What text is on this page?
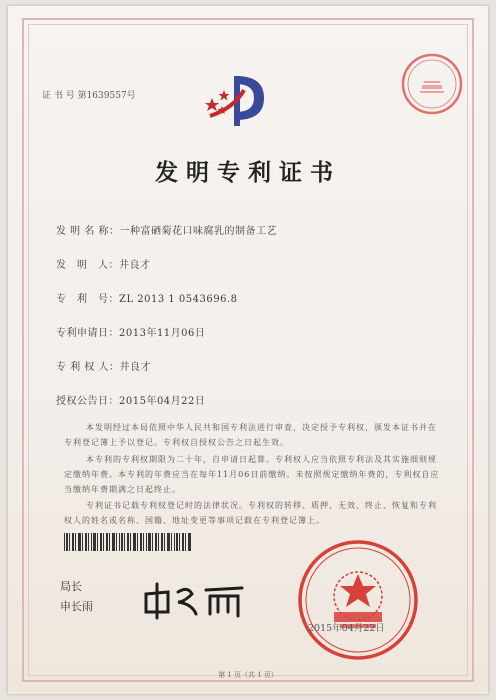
证 书 号 第1639557号
发明专利证书
发 明 名 称：一种富硒菊花口味腐乳的制备工艺
发　明　人：井良才
专　利　号：ZL 2013 1 0543696.8
专利申请日：2013年11月06日
专 利 权 人：井良才
授权公告日：2015年04月22日
本发明经过本局依照中华人民共和国专利法进行审查，决定授予专利权，颁发本证书并在专利登记簿上予以登记。专利权自授权公告之日起生效。
本专利的专利权期限为二十年，自申请日起算。专利权人应当依照专利法及其实施细则规定缴纳年费。本专利的年费应当在每年11月06日前缴纳。未按照规定缴纳年费的，专利权自应当缴纳年费期满之日起终止。
专利证书记载专利权登记时的法律状况。专利权的转移、质押、无效、终止、恢复和专利权人的姓名或名称、国籍、地址变更等事项记载在专利登记簿上。
局长
申长雨
2015年04月22日
第 1 页（共 1 页）
